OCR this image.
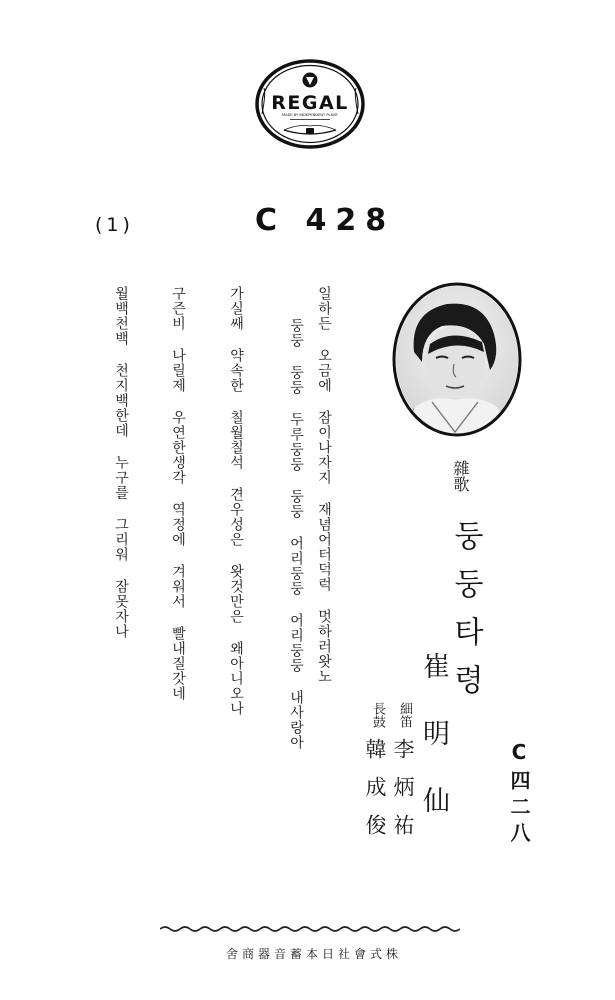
REGAL
MADE BY INDEPENDENT PLANT
C 428
(1)
일하든 오금에 잠이나자지 재념어터덕럭 멋하러왓노
둥둥 둥둥 두루둥둥 둥둥 어리둥둥 어리둥둥 내사랑아
가실쌔 약속한 칠월칠석 견우성은 왓것만은 왜아니오나
구즌비 나릴제 우연한생각 역정에 겨워서 빨내질갓네
월백천백 천지백한데 누구를 그리워 잠못자나	雜歌
둥둥타령
崔明仙
細笛
長鼓
李炳祐
韓成俊	C四二八
舍商器音蓄本日社會式株
